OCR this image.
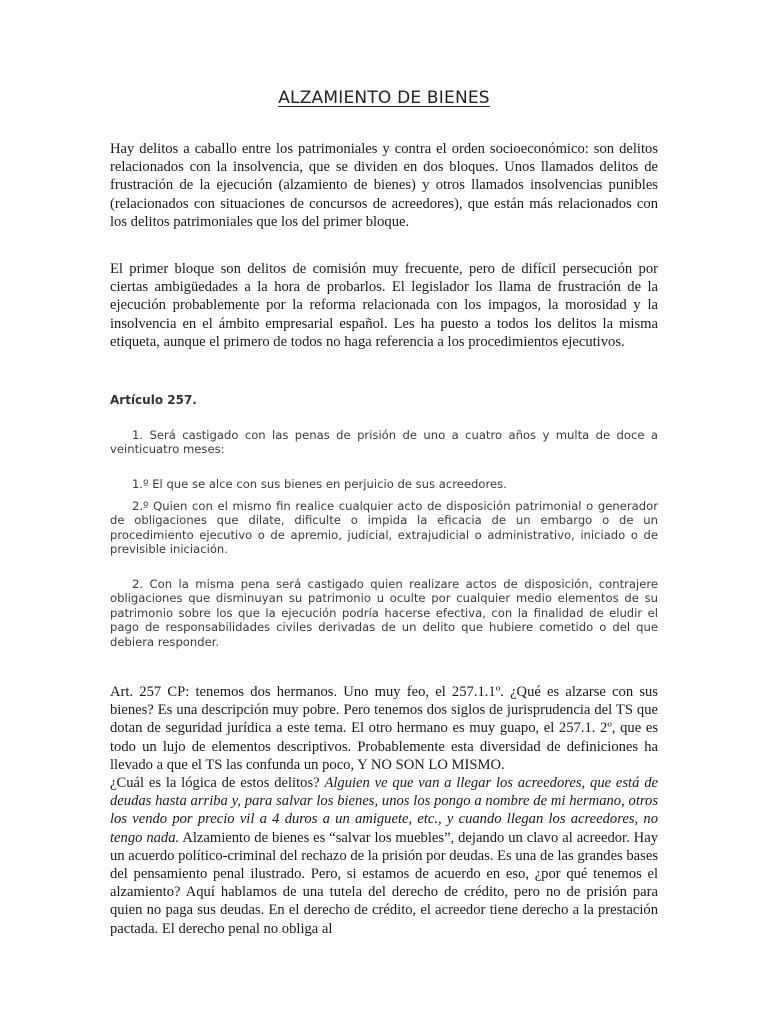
ALZAMIENTO DE BIENES

Hay delitos a caballo entre los patrimoniales y contra el orden socioeconómico: son delitos relacionados con la insolvencia, que se dividen en dos bloques. Unos llamados delitos de frustración de la ejecución (alzamiento de bienes) y otros llamados insolvencias punibles (relacionados con situaciones de concursos de acreedores), que están más relacionados con los delitos patrimoniales que los del primer bloque.

El primer bloque son delitos de comisión muy frecuente, pero de difícil persecución por ciertas ambigüedades a la hora de probarlos. El legislador los llama de frustración de la ejecución probablemente por la reforma relacionada con los impagos, la morosidad y la insolvencia en el ámbito empresarial español. Les ha puesto a todos los delitos la misma etiqueta, aunque el primero de todos no haga referencia a los procedimientos ejecutivos.

Artículo 257.

1. Será castigado con las penas de prisión de uno a cuatro años y multa de doce a veinticuatro meses:

1.º El que se alce con sus bienes en perjuicio de sus acreedores.

2.º Quien con el mismo fin realice cualquier acto de disposición patrimonial o generador de obligaciones que dilate, dificulte o impida la eficacia de un embargo o de un procedimiento ejecutivo o de apremio, judicial, extrajudicial o administrativo, iniciado o de previsible iniciación.

2. Con la misma pena será castigado quien realizare actos de disposición, contrajere obligaciones que disminuyan su patrimonio u oculte por cualquier medio elementos de su patrimonio sobre los que la ejecución podría hacerse efectiva, con la finalidad de eludir el pago de responsabilidades civiles derivadas de un delito que hubiere cometido o del que debiera responder.

Art. 257 CP: tenemos dos hermanos. Uno muy feo, el 257.1.1º. ¿Qué es alzarse con sus bienes? Es una descripción muy pobre. Pero tenemos dos siglos de jurisprudencia del TS que dotan de seguridad jurídica a este tema. El otro hermano es muy guapo, el 257.1. 2º, que es todo un lujo de elementos descriptivos. Probablemente esta diversidad de definiciones ha llevado a que el TS las confunda un poco, Y NO SON LO MISMO.

¿Cuál es la lógica de estos delitos? Alguien ve que van a llegar los acreedores, que está de deudas hasta arriba y, para salvar los bienes, unos los pongo a nombre de mi hermano, otros los vendo por precio vil a 4 duros a un amiguete, etc., y cuando llegan los acreedores, no tengo nada. Alzamiento de bienes es “salvar los muebles”, dejando un clavo al acreedor. Hay un acuerdo político-criminal del rechazo de la prisión por deudas. Es una de las grandes bases del pensamiento penal ilustrado. Pero, si estamos de acuerdo en eso, ¿por qué tenemos el alzamiento? Aquí hablamos de una tutela del derecho de crédito, pero no de prisión para quien no paga sus deudas. En el derecho de crédito, el acreedor tiene derecho a la prestación pactada. El derecho penal no obliga al
